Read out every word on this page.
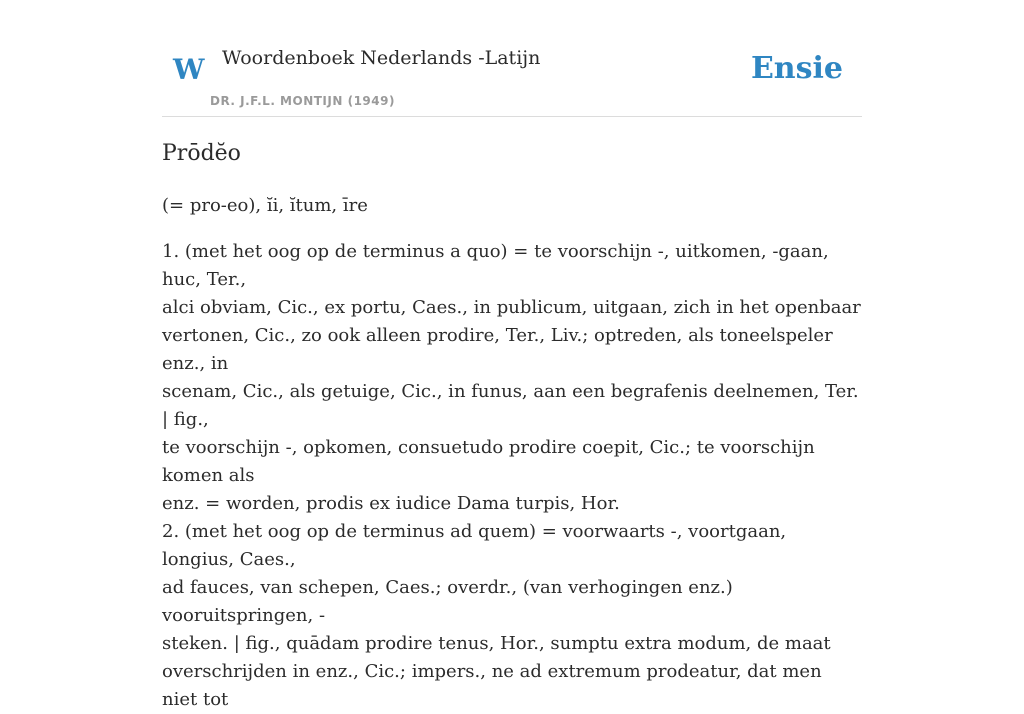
W Woordenboek Nederlands -Latijn
DR. J.F.L. MONTIJN (1949)
Ensie
Prōdĕo
(= pro-eo), ĭi, ĭtum, īre
1. (met het oog op de terminus a quo) = te voorschijn -, uitkomen, -gaan, huc, Ter.,
alci obviam, Cic., ex portu, Caes., in publicum, uitgaan, zich in het openbaar
vertonen, Cic., zo ook alleen prodire, Ter., Liv.; optreden, als toneelspeler enz., in
scenam, Cic., als getuige, Cic., in funus, aan een begrafenis deelnemen, Ter. | fig.,
te voorschijn -, opkomen, consuetudo prodire coepit, Cic.; te voorschijn komen als
enz. = worden, prodis ex iudice Dama turpis, Hor.
2. (met het oog op de terminus ad quem) = voorwaarts -, voortgaan, longius, Caes.,
ad fauces, van schepen, Caes.; overdr., (van verhogingen enz.) vooruitspringen, -
steken. | fig., quādam prodire tenus, Hor., sumptu extra modum, de maat
overschrijden in enz., Cic.; impers., ne ad extremum prodeatur, dat men niet tot
